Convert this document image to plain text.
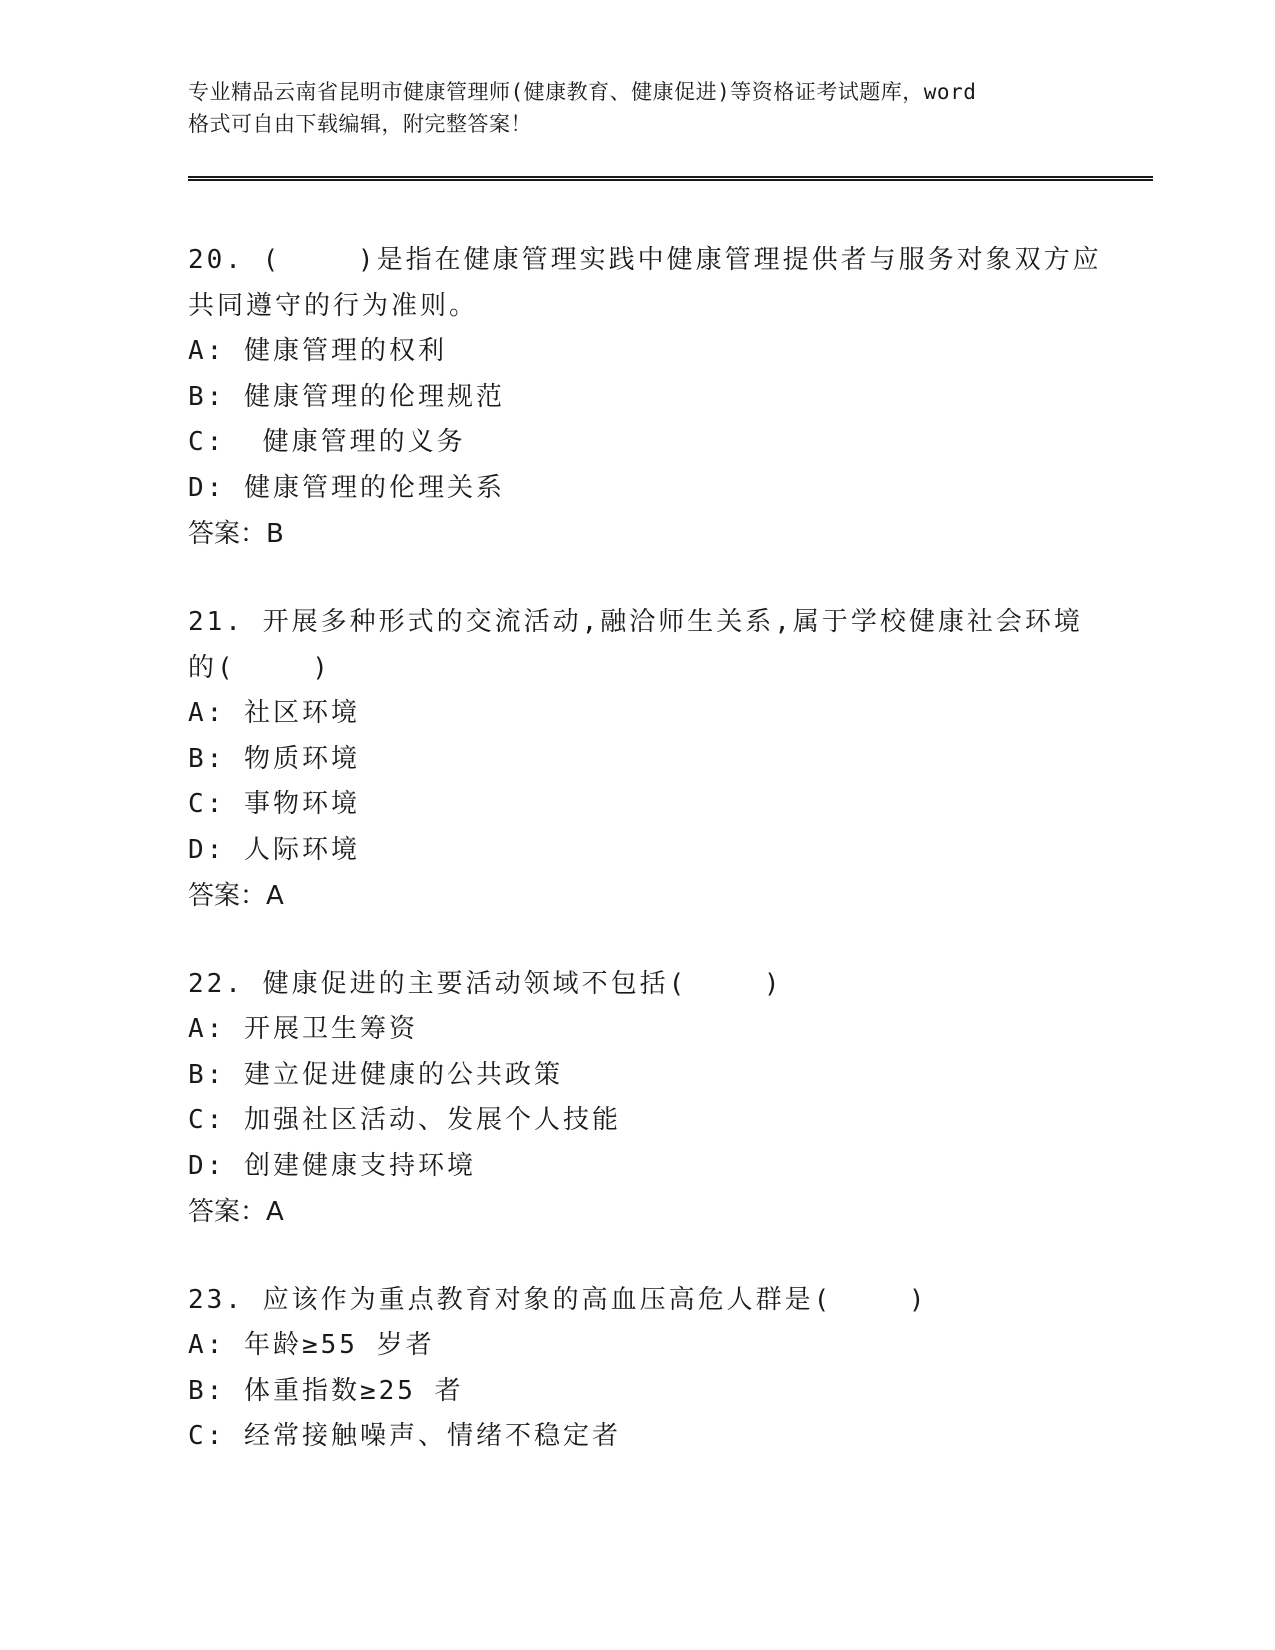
专业精品云南省昆明市健康管理师(健康教育、健康促进)等资格证考试题库，word
格式可自由下载编辑，附完整答案！

20. (　 　)是指在健康管理实践中健康管理提供者与服务对象双方应

共同遵守的行为准则。

A: 健康管理的权利

B: 健康管理的伦理规范

C:  健康管理的义务

D: 健康管理的伦理关系

答案：B

21. 开展多种形式的交流活动,融洽师生关系,属于学校健康社会环境

的(　 　)

A: 社区环境

B: 物质环境

C: 事物环境

D: 人际环境

答案：A

22. 健康促进的主要活动领域不包括(　 　)

A: 开展卫生筹资

B: 建立促进健康的公共政策

C: 加强社区活动、发展个人技能

D: 创建健康支持环境

答案：A

23. 应该作为重点教育对象的高血压高危人群是(　 　)

A: 年龄≥55 岁者

B: 体重指数≥25 者

C: 经常接触噪声、情绪不稳定者
